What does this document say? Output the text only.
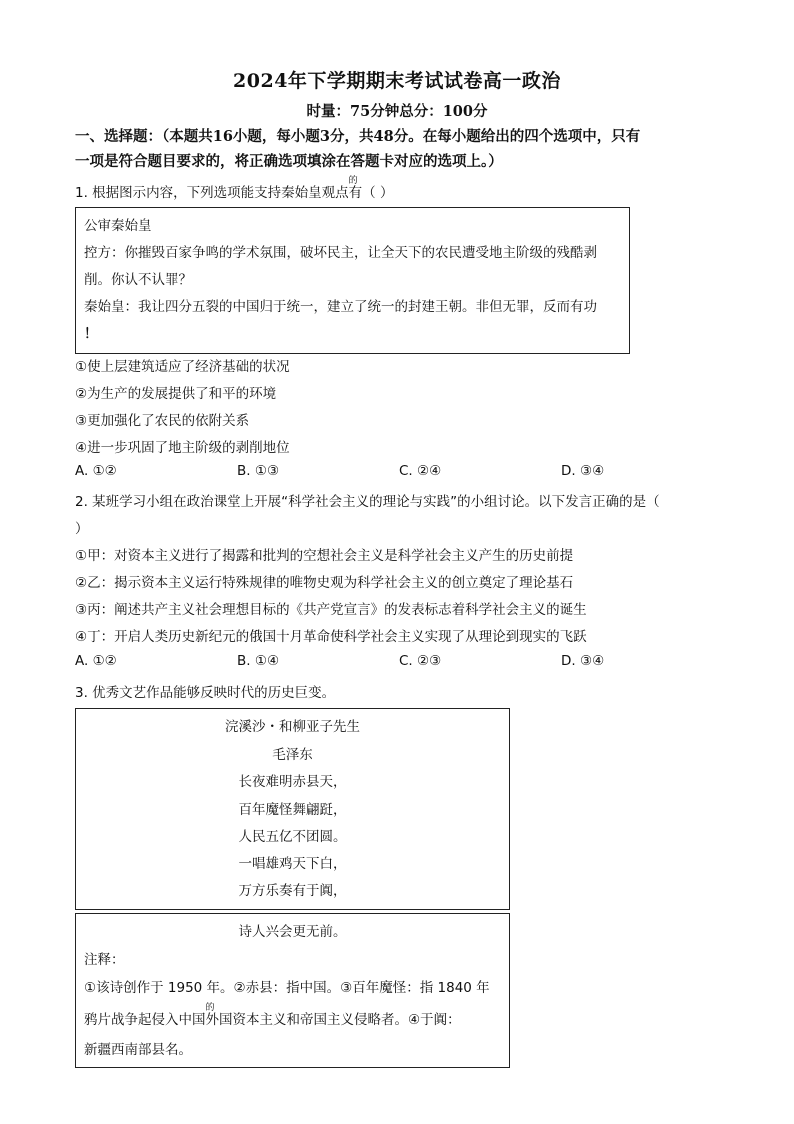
2024年下学期期末考试试卷高一政治
时量：75分钟总分：100分
一、选择题：（本题共16小题，每小题3分，共48分。在每小题给出的四个选项中，只有
一项是符合题目要求的，将正确选项填涂在答题卡对应的选项上。）
1. 根据图示内容，下列选项能支持秦始皇观点
的
有（ ）
公审秦始皇
控方：你摧毁百家争鸣的学术氛围，破坏民主，让全天下的农民遭受地主阶级的残酷剥
削。你认不认罪？
秦始皇：我让四分五裂的中国归于统一，建立了统一的封建王朝。非但无罪，反而有功
！
①使上层建筑适应了经济基础的状况
②为生产的发展提供了和平的环境
③更加强化了农民的依附关系
④进一步巩固了地主阶级的剥削地位
A. ①②	B. ①③	C. ②④	D. ③④
2. 某班学习小组在政治课堂上开展“科学社会主义的理论与实践”的小组讨论。以下发言正确的是（
）
①甲：对资本主义进行了揭露和批判的空想社会主义是科学社会主义产生的历史前提
②乙：揭示资本主义运行特殊规律的唯物史观为科学社会主义的创立奠定了理论基石
③丙：阐述共产主义社会理想目标的《共产党宣言》的发表标志着科学社会主义的诞生
④丁：开启人类历史新纪元的俄国十月革命使科学社会主义实现了从理论到现实的飞跃
A. ①②	B. ①④	C. ②③	D. ③④
3. 优秀文艺作品能够反映时代的历史巨变。
浣溪沙・和柳亚子先生
毛泽东
长夜难明赤县天，
百年魔怪舞翩跹，
人民五亿不团圆。
一唱雄鸡天下白，
万方乐奏有于阗，
诗人兴会更无前。
注释：
①该诗创作于 1950 年。②赤县：指中国。③百年魔怪：指 1840 年
鸦片战争起侵入中国
的
外国资本主义和帝国主义侵略者。④于阗：
新疆西南部县名。
